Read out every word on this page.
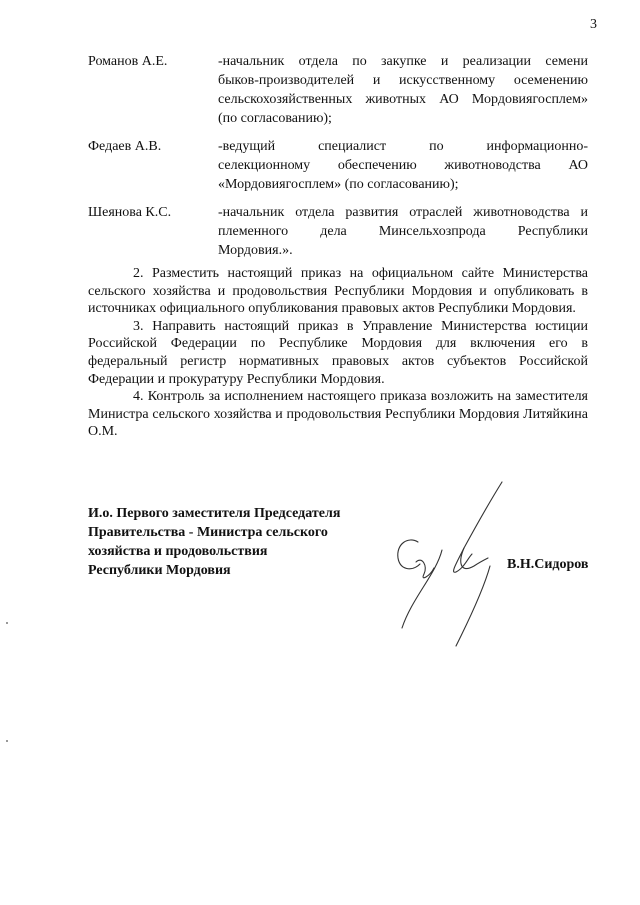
3
Романов А.Е.	-начальник отдела по закупке и реализации семени
быков-производителей и искусственному осеменению
сельскохозяйственных животных АО Мордовиягосплем»
(по согласованию);
Федаев А.В.	-ведущий специалист по информационно-
селекционному обеспечению животноводства АО
«Мордовиягосплем» (по согласованию);
Шеянова К.С.	-начальник отдела развития отраслей животноводства и
племенного дела Минсельхозпрода Республики
Мордовия.».

2. Разместить настоящий приказ на официальном сайте Министерства сельского хозяйства и продовольствия Республики Мордовия и опубликовать в источниках официального опубликования правовых актов Республики Мордовия.

3. Направить настоящий приказ в Управление Министерства юстиции Российской Федерации по Республике Мордовия для включения его в федеральный регистр нормативных правовых актов субъектов Российской Федерации и прокуратуру Республики Мордовия.

4. Контроль за исполнением настоящего приказа возложить на заместителя Министра сельского хозяйства и продовольствия Республики Мордовия Литяйкина О.М.

И.о. Первого заместителя Председателя
Правительства - Министра сельского
хозяйства и продовольствия
Республики Мордовия	В.Н.Сидоров
